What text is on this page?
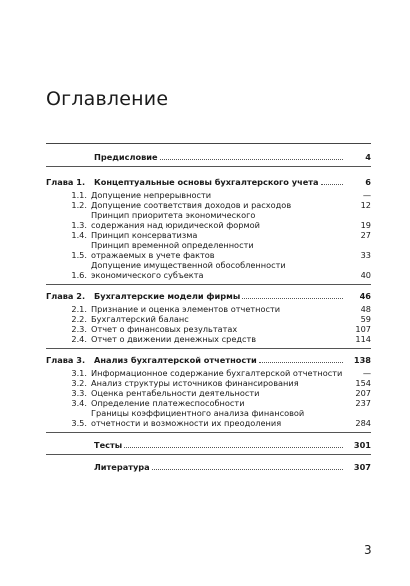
Оглавление
Предисловие	4
Глава 1.	Концептуальные основы бухгалтерского учета	6
1.1. Допущение непрерывности	—
1.2. Допущение соответствия доходов и расходов	12
1.3.
Принцип приоритета экономического содержания над юридической формой	19
1.4. Принцип консерватизма	27
1.5.
Принцип временной определенности отражаемых в учете фактов	33
1.6.
Допущение имущественной обособленности экономического субъекта	40
Глава 2.	Бухгалтерские модели фирмы	46
2.1. Признание и оценка элементов отчетности	48
2.2. Бухгалтерский баланс	59
2.3. Отчет о финансовых результатах	107
2.4. Отчет о движении денежных средств	114
Глава 3.	Анализ бухгалтерской отчетности	138
3.1. Информационное содержание бухгалтерской отчетности	—
3.2. Анализ структуры источников финансирования	154
3.3. Оценка рентабельности деятельности	207
3.4. Определение платежеспособности	237
3.5.
Границы коэффициентного анализа финансовой отчетности и возможности их преодоления	284
Тесты	301
Литература	307
3
